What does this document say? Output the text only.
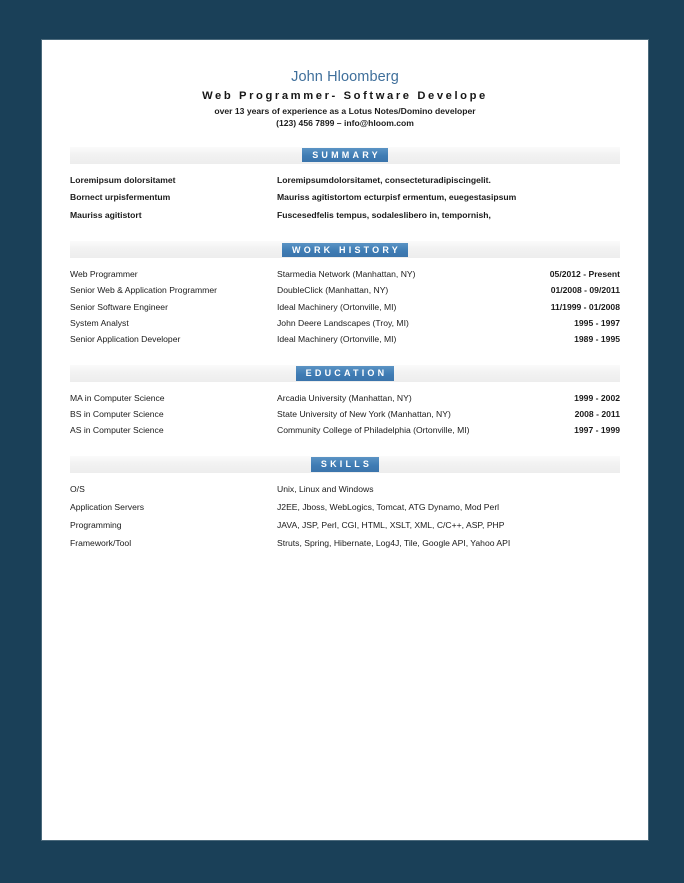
John Hloomberg
Web Programmer- Software Develope
over 13 years of experience as a Lotus Notes/Domino developer
(123) 456 7899 – info@hloom.com
SUMMARY
Loremipsum dolorsitamet	Loremipsumdolorsitamet, consecteturadipiscingelit.
Bornect urpisfermentum	Mauriss agitistortom ecturpisf ermentum, euegestasipsum
Mauriss agitistort	Fuscesedfelis tempus, sodaleslibero in, tempornish,
WORK HISTORY
Web Programmer	Starmedia Network (Manhattan, NY)	05/2012 - Present
Senior Web & Application Programmer	DoubleClick (Manhattan, NY)	01/2008 - 09/2011
Senior Software Engineer	Ideal Machinery (Ortonville, MI)	11/1999 - 01/2008
System Analyst	John Deere Landscapes (Troy, MI)	1995 - 1997
Senior Application Developer	Ideal Machinery (Ortonville, MI)	1989 - 1995
EDUCATION
MA in Computer Science	Arcadia University (Manhattan, NY)	1999 - 2002
BS in Computer Science	State University of New York (Manhattan, NY)	2008 - 2011
AS in Computer Science	Community College of Philadelphia (Ortonville, MI)	1997 - 1999
SKILLS
O/S	Unix, Linux and Windows
Application Servers	J2EE, Jboss, WebLogics, Tomcat, ATG Dynamo, Mod Perl
Programming	JAVA, JSP, Perl, CGI, HTML, XSLT, XML, C/C++, ASP, PHP
Framework/Tool	Struts, Spring, Hibernate, Log4J, Tile, Google API, Yahoo API
